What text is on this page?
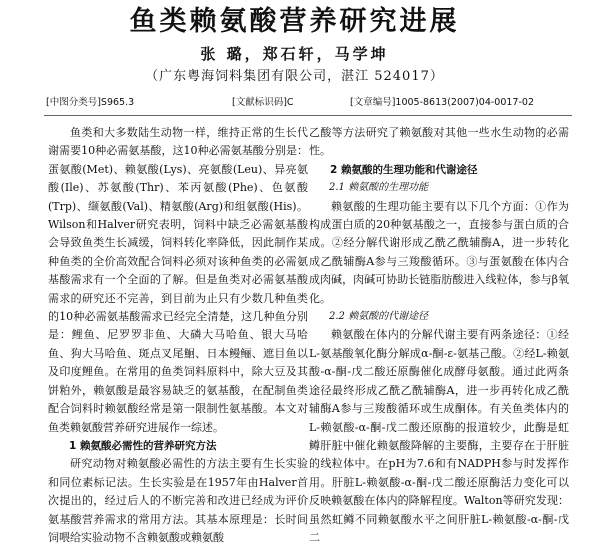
鱼类赖氨酸营养研究进展
张 璐，郑石轩，马学坤
（广东粤海饲料集团有限公司，湛江 524017）
[中图分类号]S965.3	[文献标识码]C	[文章编号]1005-8613(2007)04-0017-02

鱼类和大多数陆生动物一样，维持正常的生长代谢需要10种必需氨基酸，这10种必需氨基酸分别是：蛋氨酸(Met)、赖氨酸(Lys)、亮氨酸(Leu)、异亮氨酸(Ile)、苏氨酸(Thr)、苯丙氨酸(Phe)、色氨酸(Trp)、缬氨酸(Val)、精氨酸(Arg)和组氨酸(His)。Wilson和Halver研究表明，饲料中缺乏必需氨基酸会导致鱼类生长减缓，饲料转化率降低，因此制作某种鱼类的全价高效配合饲料必须对该种鱼类的必需氨基酸需求有一个全面的了解。但是鱼类对必需氨基酸需求的研究还不完善，到目前为止只有少数几种鱼类的10种必需氨基酸需求已经完全清楚，这几种鱼分别是：鲤鱼、尼罗罗非鱼、大磷大马哈鱼、银大马哈鱼、狗大马哈鱼、斑点叉尾鮰、日本鳗鲡、遮目鱼以及印度鲤鱼。在常用的鱼类饲料原料中，除大豆及其饼粕外，赖氨酸是最容易缺乏的氨基酸，在配制鱼类配合饲料时赖氨酸经常是第一限制性氨基酸。本文对鱼类赖氨酸营养研究进展作一综述。

1 赖氨酸必需性的营养研究方法

研究动物对赖氨酸必需性的方法主要有生长实验和同位素标记法。生长实验是在1957年由Halver首次提出的，经过后人的不断完善和改进已经成为评价氨基酸营养需求的常用方法。其基本原理是：长时间饲喂给实验动物不含赖氨酸或赖氨酸

乙酸等方法研究了赖氨酸对其他一些水生动物的必需性。

2 赖氨酸的生理功能和代谢途径

2.1 赖氨酸的生理功能

赖氨酸的生理功能主要有以下几个方面：①作为构成蛋白质的20种氨基酸之一，直接参与蛋白质的合成。②经分解代谢形成乙酰乙酰辅酶A，进一步转化成乙酰辅酶A参与三羧酸循环。③与蛋氨酸在体内合成肉碱，肉碱可协助长链脂肪酸进入线粒体，参与β氧化。

2.2 赖氨酸的代谢途径

赖氨酸在体内的分解代谢主要有两条途径：①经L-氨基酸氧化酶分解成α-酮-ε-氨基己酸。②经L-赖氨酸-α-酮-戊二酸还原酶催化成酵母氨酸。通过此两条途径最终形成乙酰乙酰辅酶A，进一步再转化成乙酰辅酶A参与三羧酸循环或生成酮体。有关鱼类体内的L-赖氨酸-α-酮-戊二酸还原酶的报道较少，此酶是虹鳟肝脏中催化赖氨酸降解的主要酶，主要存在于肝脏的线粒体中。在pH为7.6和有NADPH参与时发挥作用。肝脏L-赖氨酸-α-酮-戊二酸还原酶活力变化可以反映赖氨酸在体内的降解程度。Walton等研究发现：虽然虹鳟不同赖氨酸水平之间肝脏L-赖氨酸-α-酮-戊二
